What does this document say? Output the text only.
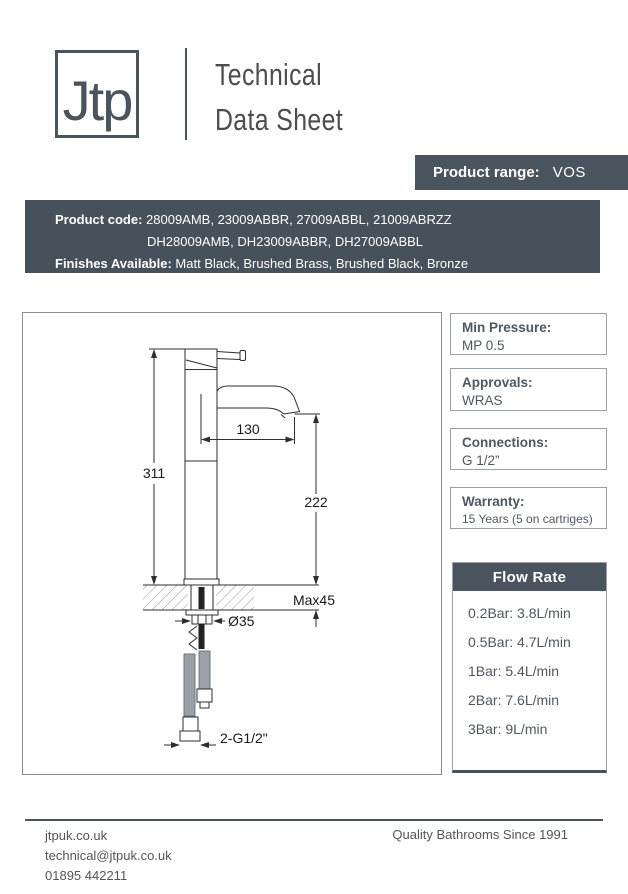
Jtp	Technical
Data Sheet
Product range: VOS
Product code: 28009AMB, 23009ABBR, 27009ABBL, 21009ABRZZ
DH28009AMB, DH23009ABBR, DH27009ABBL
Finishes Available: Matt Black, Brushed Brass, Brushed Black, Bronze
311
130
222
Max45
Ø35
2-G1/2"
Min Pressure:
MP 0.5
Approvals:
WRAS
Connections:
G 1/2”
Warranty:
15 Years (5 on cartriges)
Flow Rate
0.2Bar: 3.8L/min
0.5Bar: 4.7L/min
1Bar: 5.4L/min
2Bar: 7.6L/min
3Bar: 9L/min
jtpuk.co.uk
technical@jtpuk.co.uk
01895 442211
Quality Bathrooms Since 1991
